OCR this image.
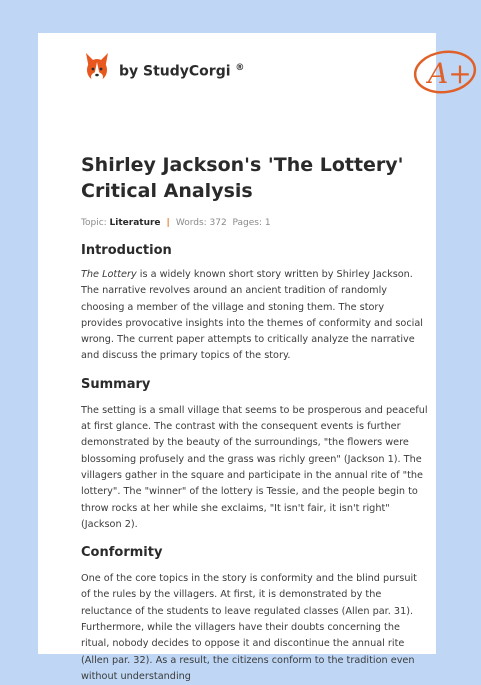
by StudyCorgi ®	A+
Shirley Jackson's 'The Lottery' Critical Analysis
Topic: Literature | Words: 372 Pages: 1
Introduction

The Lottery is a widely known short story written by Shirley Jackson. The narrative revolves around an ancient tradition of randomly choosing a member of the village and stoning them. The story provides provocative insights into the themes of conformity and social wrong. The current paper attempts to critically analyze the narrative and discuss the primary topics of the story.

Summary

The setting is a small village that seems to be prosperous and peaceful at first glance. The contrast with the consequent events is further demonstrated by the beauty of the surroundings, "the flowers were blossoming profusely and the grass was richly green" (Jackson 1). The villagers gather in the square and participate in the annual rite of "the lottery". The "winner" of the lottery is Tessie, and the people begin to throw rocks at her while she exclaims, "It isn't fair, it isn't right" (Jackson 2).

Conformity

One of the core topics in the story is conformity and the blind pursuit of the rules by the villagers. At first, it is demonstrated by the reluctance of the students to leave regulated classes (Allen par. 31). Furthermore, while the villagers have their doubts concerning the ritual, nobody decides to oppose it and discontinue the annual rite (Allen par. 32). As a result, the citizens conform to the tradition even without understanding
